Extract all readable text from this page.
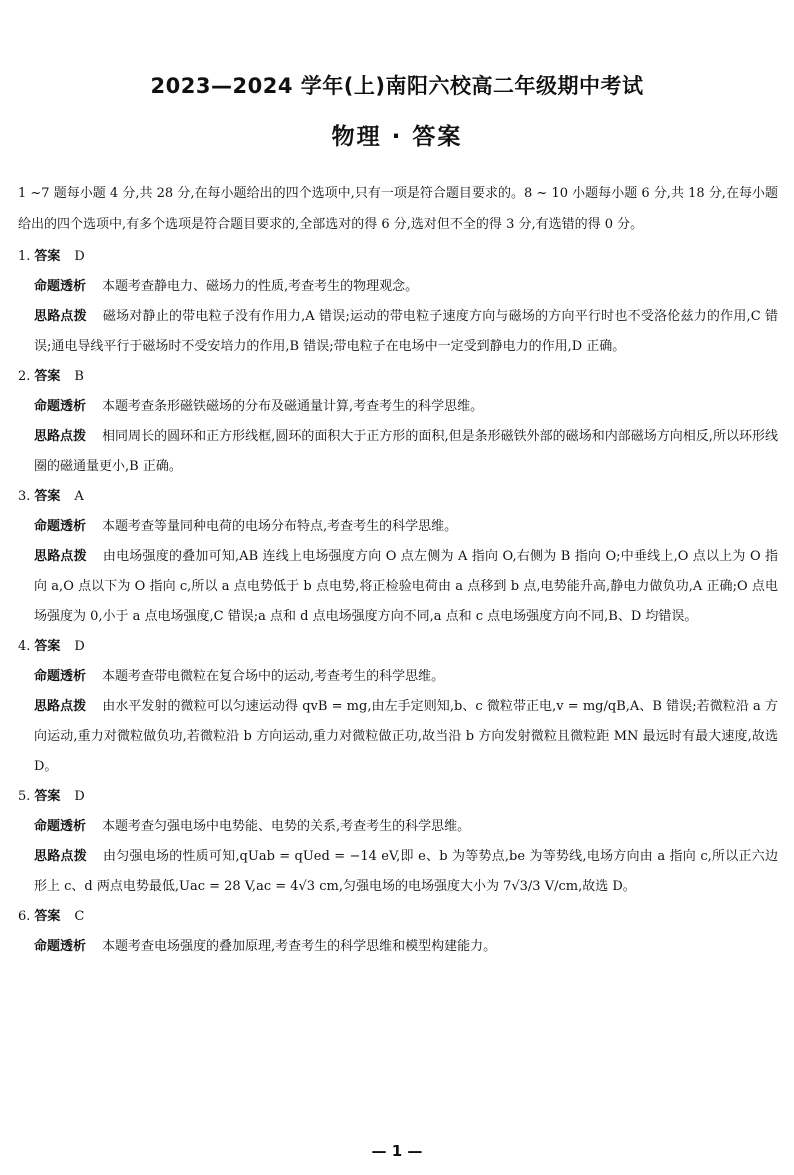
2023—2024 学年(上)南阳六校高二年级期中考试
物理 · 答案

1 ~7 题每小题 4 分,共 28 分,在每小题给出的四个选项中,只有一项是符合题目要求的。8 ~ 10 小题每小题 6 分,共 18 分,在每小题给出的四个选项中,有多个选项是符合题目要求的,全部选对的得 6 分,选对但不全的得 3 分,有选错的得 0 分。

1. 答案 D

命题透析 本题考查静电力、磁场力的性质,考查考生的物理观念。

思路点拨 磁场对静止的带电粒子没有作用力,A 错误;运动的带电粒子速度方向与磁场的方向平行时也不受洛伦兹力的作用,C 错误;通电导线平行于磁场时不受安培力的作用,B 错误;带电粒子在电场中一定受到静电力的作用,D 正确。

2. 答案 B

命题透析 本题考查条形磁铁磁场的分布及磁通量计算,考查考生的科学思维。

思路点拨 相同周长的圆环和正方形线框,圆环的面积大于正方形的面积,但是条形磁铁外部的磁场和内部磁场方向相反,所以环形线圈的磁通量更小,B 正确。

3. 答案 A

命题透析 本题考查等量同种电荷的电场分布特点,考查考生的科学思维。

思路点拨 由电场强度的叠加可知,AB 连线上电场强度方向 O 点左侧为 A 指向 O,右侧为 B 指向 O;中垂线上,O 点以上为 O 指向 a,O 点以下为 O 指向 c,所以 a 点电势低于 b 点电势,将正检验电荷由 a 点移到 b 点,电势能升高,静电力做负功,A 正确;O 点电场强度为 0,小于 a 点电场强度,C 错误;a 点和 d 点电场强度方向不同,a 点和 c 点电场强度方向不同,B、D 均错误。

4. 答案 D

命题透析 本题考查带电微粒在复合场中的运动,考查考生的科学思维。

思路点拨 由水平发射的微粒可以匀速运动得 qvB = mg,由左手定则知,b、c 微粒带正电,v = mg/qB,A、B 错误;若微粒沿 a 方向运动,重力对微粒做负功,若微粒沿 b 方向运动,重力对微粒做正功,故当沿 b 方向发射微粒且微粒距 MN 最远时有最大速度,故选 D。

5. 答案 D

命题透析 本题考查匀强电场中电势能、电势的关系,考查考生的科学思维。

思路点拨 由匀强电场的性质可知,qUab = qUed = −14 eV,即 e、b 为等势点,be 为等势线,电场方向由 a 指向 c,所以正六边形上 c、d 两点电势最低,Uac = 28 V,ac = 4√3 cm,匀强电场的电场强度大小为 7√3/3 V/cm,故选 D。

6. 答案 C

命题透析 本题考查电场强度的叠加原理,考查考生的科学思维和模型构建能力。

— 1 —
